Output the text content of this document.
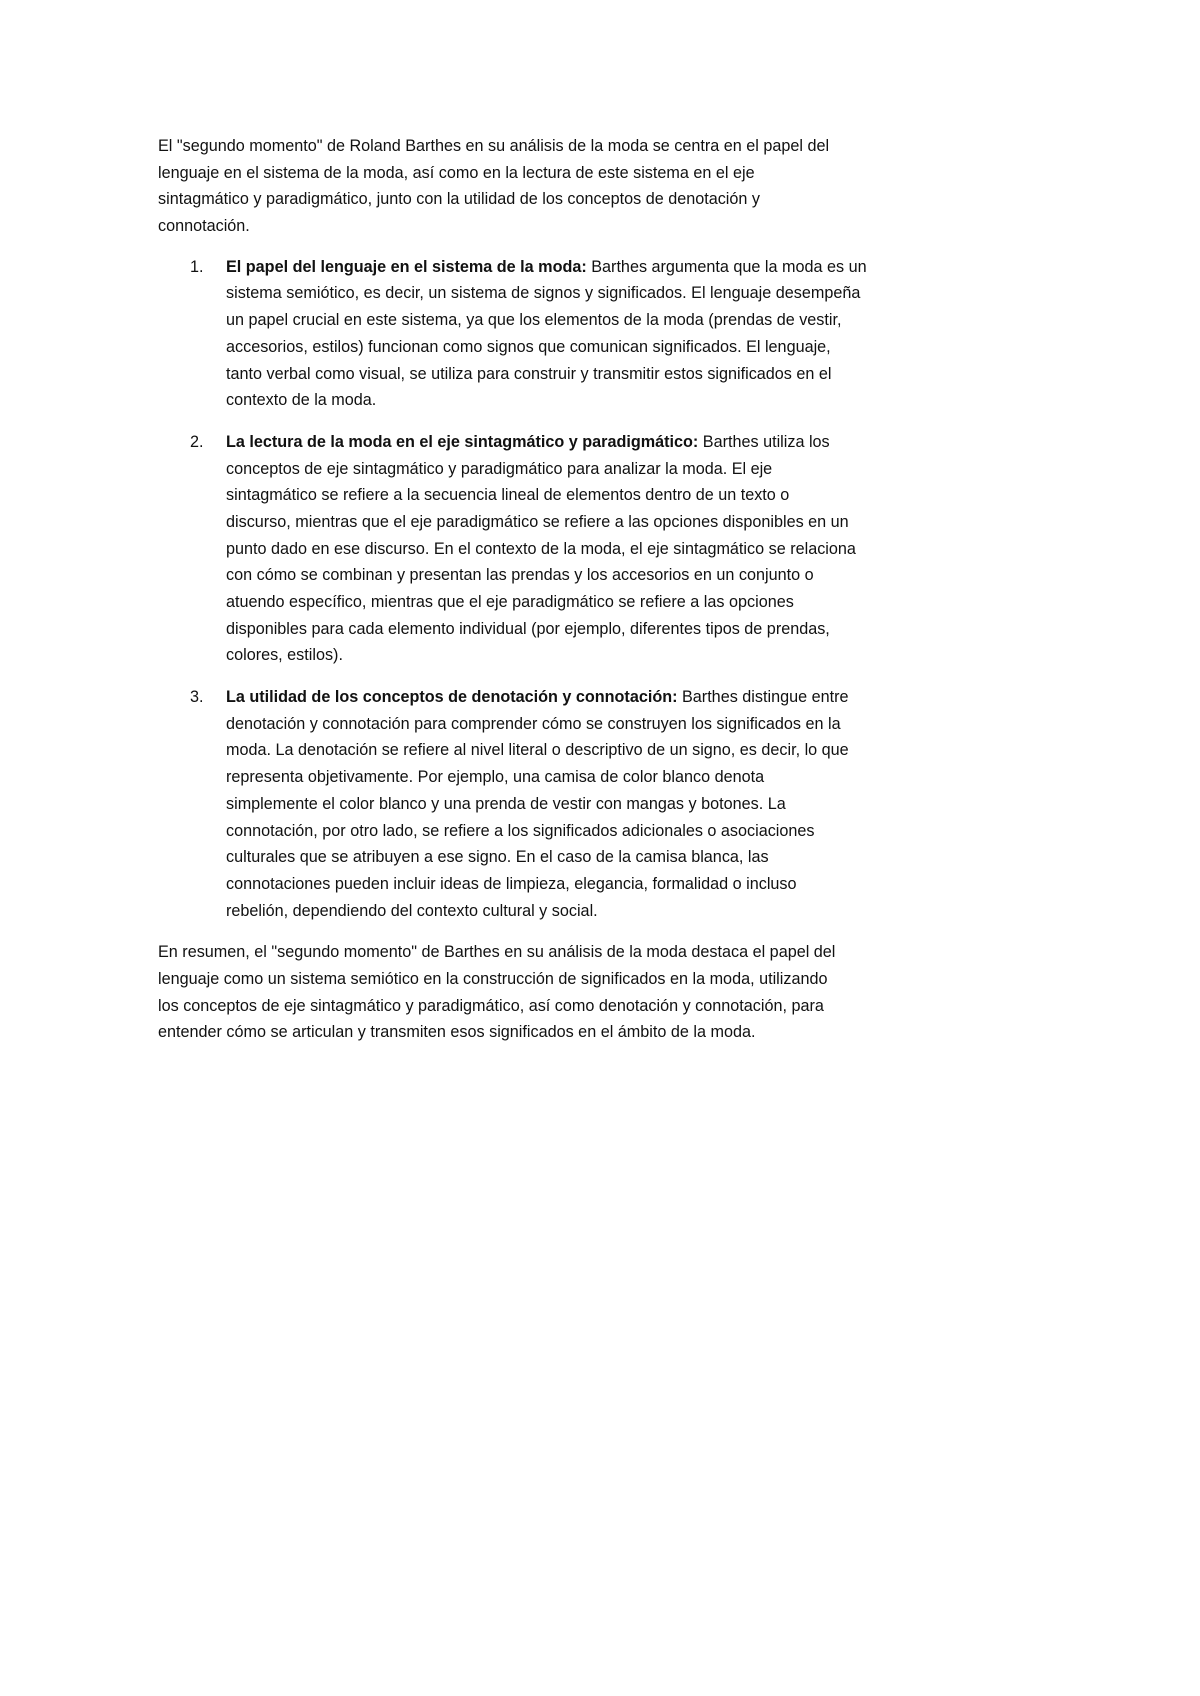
El "segundo momento" de Roland Barthes en su análisis de la moda se centra en el papel del
lenguaje en el sistema de la moda, así como en la lectura de este sistema en el eje
sintagmático y paradigmático, junto con la utilidad de los conceptos de denotación y
connotación.
1. El papel del lenguaje en el sistema de la moda: Barthes argumenta que la moda es un
sistema semiótico, es decir, un sistema de signos y significados. El lenguaje desempeña
un papel crucial en este sistema, ya que los elementos de la moda (prendas de vestir,
accesorios, estilos) funcionan como signos que comunican significados. El lenguaje,
tanto verbal como visual, se utiliza para construir y transmitir estos significados en el
contexto de la moda.
2. La lectura de la moda en el eje sintagmático y paradigmático: Barthes utiliza los
conceptos de eje sintagmático y paradigmático para analizar la moda. El eje
sintagmático se refiere a la secuencia lineal de elementos dentro de un texto o
discurso, mientras que el eje paradigmático se refiere a las opciones disponibles en un
punto dado en ese discurso. En el contexto de la moda, el eje sintagmático se relaciona
con cómo se combinan y presentan las prendas y los accesorios en un conjunto o
atuendo específico, mientras que el eje paradigmático se refiere a las opciones
disponibles para cada elemento individual (por ejemplo, diferentes tipos de prendas,
colores, estilos).
3. La utilidad de los conceptos de denotación y connotación: Barthes distingue entre
denotación y connotación para comprender cómo se construyen los significados en la
moda. La denotación se refiere al nivel literal o descriptivo de un signo, es decir, lo que
representa objetivamente. Por ejemplo, una camisa de color blanco denota
simplemente el color blanco y una prenda de vestir con mangas y botones. La
connotación, por otro lado, se refiere a los significados adicionales o asociaciones
culturales que se atribuyen a ese signo. En el caso de la camisa blanca, las
connotaciones pueden incluir ideas de limpieza, elegancia, formalidad o incluso
rebelión, dependiendo del contexto cultural y social.
En resumen, el "segundo momento" de Barthes en su análisis de la moda destaca el papel del
lenguaje como un sistema semiótico en la construcción de significados en la moda, utilizando
los conceptos de eje sintagmático y paradigmático, así como denotación y connotación, para
entender cómo se articulan y transmiten esos significados en el ámbito de la moda.
